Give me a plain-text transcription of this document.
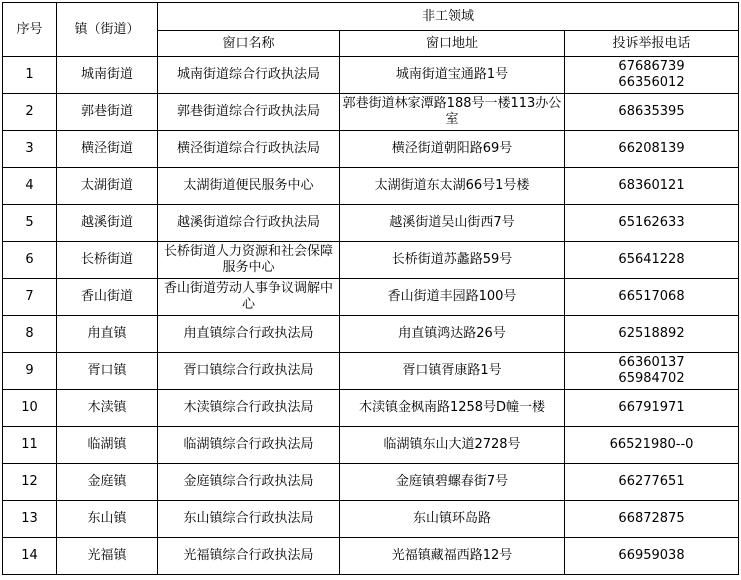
序号	镇（街道）	非工领域		
		窗口名称	窗口地址	投诉举报电话
1	城南街道	城南街道综合行政执法局	城南街道宝通路1号	67686739
66356012

2	郭巷街道	郭巷街道综合行政执法局	郭巷街道林家潭路188号一楼113办公室	68635395

3	横泾街道	横泾街道综合行政执法局	横泾街道朝阳路69号	66208139

4	太湖街道	太湖街道便民服务中心	太湖街道东太湖66号1号楼	68360121

5	越溪街道	越溪街道综合行政执法局	越溪街道吴山街西7号	65162633

6	长桥街道	长桥街道人力资源和社会保障服务中心	长桥街道苏蠡路59号	65641228

7	香山街道	香山街道劳动人事争议调解中心	香山街道丰园路100号	66517068

8	甪直镇	甪直镇综合行政执法局	甪直镇鸿达路26号	62518892

9	胥口镇	胥口镇综合行政执法局	胥口镇胥康路1号	66360137
65984702

10	木渎镇	木渎镇综合行政执法局	木渎镇金枫南路1258号D幢一楼	66791971

11	临湖镇	临湖镇综合行政执法局	临湖镇东山大道2728号	66521980--0

12	金庭镇	金庭镇综合行政执法局	金庭镇碧螺春街7号	66277651

13	东山镇	东山镇综合行政执法局	东山镇环岛路	66872875

14	光福镇	光福镇综合行政执法局	光福镇藏福西路12号	66959038
